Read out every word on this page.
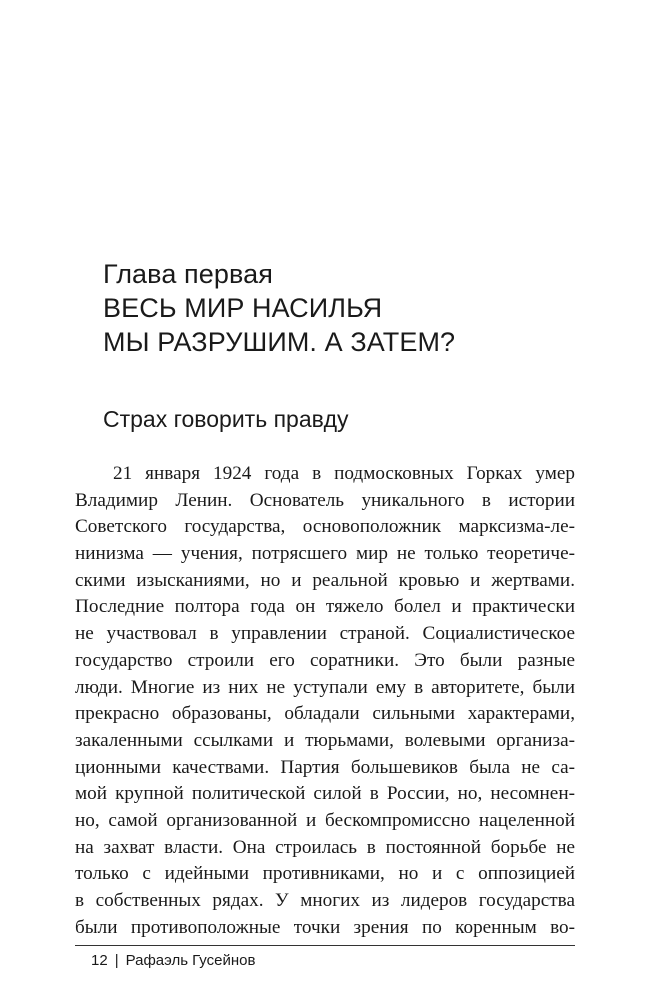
Глава первая
ВЕСЬ МИР НАСИЛЬЯ
МЫ РАЗРУШИМ. А ЗАТЕМ?
Страх говорить правду
21 января 1924 года в подмосковных Горках умер
Владимир Ленин. Основатель уникального в истории
Советского государства, основоположник марксизма-ле-
нинизма — учения, потрясшего мир не только теоретиче-
скими изысканиями, но и реальной кровью и жертвами.
Последние полтора года он тяжело болел и практически
не участвовал в управлении страной. Социалистическое
государство строили его соратники. Это были разные
люди. Многие из них не уступали ему в авторитете, были
прекрасно образованы, обладали сильными характерами,
закаленными ссылками и тюрьмами, волевыми организа-
ционными качествами. Партия большевиков была не са-
мой крупной политической силой в России, но, несомнен-
но, самой организованной и бескомпромиссно нацеленной
на захват власти. Она строилась в постоянной борьбе не
только с идейными противниками, но и с оппозицией
в собственных рядах. У многих из лидеров государства
были противоположные точки зрения по коренным во-
12 | Рафаэль Гусейнов
